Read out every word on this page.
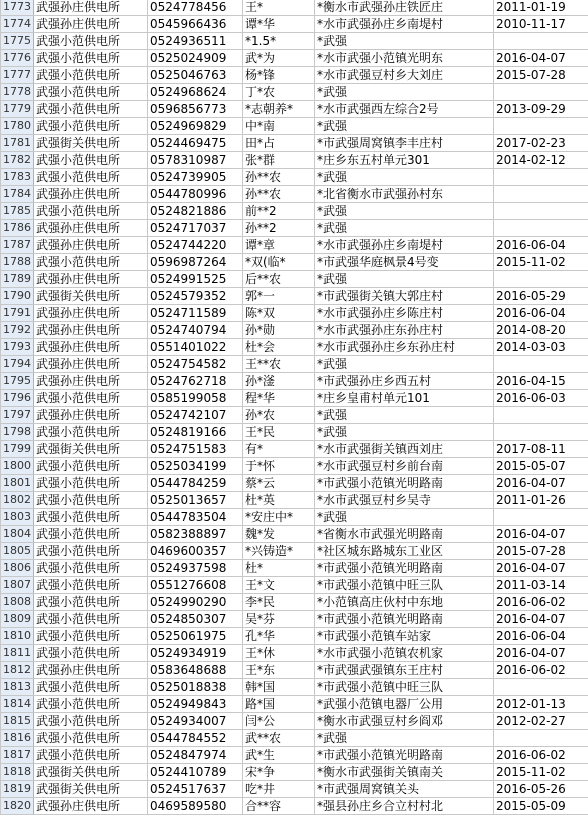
1773	武强孙庄供电所	0524778456	王*	*衡水市武强孙庄铁匠庄	2011-01-19
1774	武强孙庄供电所	0545966436	谭*华	*水市武强孙庄乡南堤村	2010-11-17
1775	武强小范供电所	0524936511	*1.5*	*武强	
1776	武强小范供电所	0525024909	武*为	*水市武强小范镇光明东	2016-04-07
1777	武强小范供电所	0525046763	杨*锋	*水市武强豆村乡大刘庄	2015-07-28
1778	武强小范供电所	0524968624	丁*农	*武强	
1779	武强小范供电所	0596856773	*志朝养*	*水市武强西左综合2号	2013-09-29
1780	武强小范供电所	0524969829	中*南	*武强	
1781	武强街关供电所	0524469475	田*占	*市武强周窝镇李丰庄村	2017-02-23
1782	武强小范供电所	0578310987	张*群	*庄乡东五村单元301	2014-02-12
1783	武强小范供电所	0524739905	孙**农	*武强	
1784	武强孙庄供电所	0544780996	孙**农	*北省衡水市武强孙村东	
1785	武强小范供电所	0524821886	前**2	*武强	
1786	武强孙庄供电所	0524717037	孙**2	*武强	
1787	武强孙庄供电所	0524744220	谭*章	*水市武强孙庄乡南堤村	2016-06-04
1788	武强小范供电所	0596987264	*双(临*	*市武强华庭枫景4号变	2015-11-02
1789	武强孙庄供电所	0524991525	后**农	*武强	
1790	武强街关供电所	0524579352	郭*一	*市武强街关镇大郭庄村	2016-05-29
1791	武强孙庄供电所	0524711589	陈*双	*水市武强孙庄乡陈庄村	2016-06-04
1792	武强孙庄供电所	0524740794	孙*勋	*水市武强孙庄东孙庄村	2014-08-20
1793	武强孙庄供电所	0551401022	杜*会	*水市武强孙庄乡东孙庄村	2014-03-03
1794	武强孙庄供电所	0524754582	王**农	*武强	
1795	武强孙庄供电所	0524762718	孙*滏	*市武强孙庄乡西五村	2016-04-15
1796	武强小范供电所	0585199058	程*华	*庄乡皇甫村单元101	2016-06-03
1797	武强孙庄供电所	0524742107	孙*农	*武强	
1798	武强小范供电所	0524819166	王*民	*武强	
1799	武强街关供电所	0524751583	有*	*水市武强街关镇西刘庄	2017-08-11
1800	武强小范供电所	0525034199	于*怀	*水市武强豆村乡前台南	2015-05-07
1801	武强小范供电所	0544784259	蔡*云	*市武强小范镇光明路南	2016-04-07
1802	武强小范供电所	0525013657	杜*英	*水市武强豆村乡吴寺	2011-01-26
1803	武强小范供电所	0544783504	*安庄中*	*武强	
1804	武强小范供电所	0582388897	魏*发	*省衡水市武强光明路南	2016-04-07
1805	武强小范供电所	0469600357	*兴铸造*	*社区城东路城东工业区	2015-07-28
1806	武强小范供电所	0524937598	杜*	*市武强小范镇光明路南	2016-04-07
1807	武强小范供电所	0551276608	王*文	*市武强小范镇中旺三队	2011-03-14
1808	武强小范供电所	0524990290	李*民	*小范镇高庄伙村中东地	2016-06-02
1809	武强小范供电所	0524850307	吴*芬	*市武强小范镇光明路南	2016-04-07
1810	武强小范供电所	0525061975	孔*华	*市武强小范镇车站家	2016-06-04
1811	武强小范供电所	0524934919	王*休	*水市武强小范镇农机家	2016-04-07
1812	武强孙庄供电所	0583648688	王*东	*市武强武强镇东王庄村	2016-06-02
1813	武强小范供电所	0525018838	韩*国	*市武强小范镇中旺三队	
1814	武强小范供电所	0524949843	路*国	*武强小范镇电器厂公用	2012-01-13
1815	武强小范供电所	0524934007	闫*公	*衡水市武强豆村乡阎邓	2012-02-27
1816	武强小范供电所	0544784552	武**农	*武强	
1817	武强小范供电所	0524847974	武*生	*市武强小范镇光明路南	2016-06-02
1818	武强街关供电所	0524410789	宋*争	*衡水市武强街关镇南关	2015-11-02
1819	武强街关供电所	0524517637	吃*井	*市武强周窝镇关头	2016-05-26
1820	武强孙庄供电所	0469589580	合**容	*强县孙庄乡合立村村北	2015-05-09
